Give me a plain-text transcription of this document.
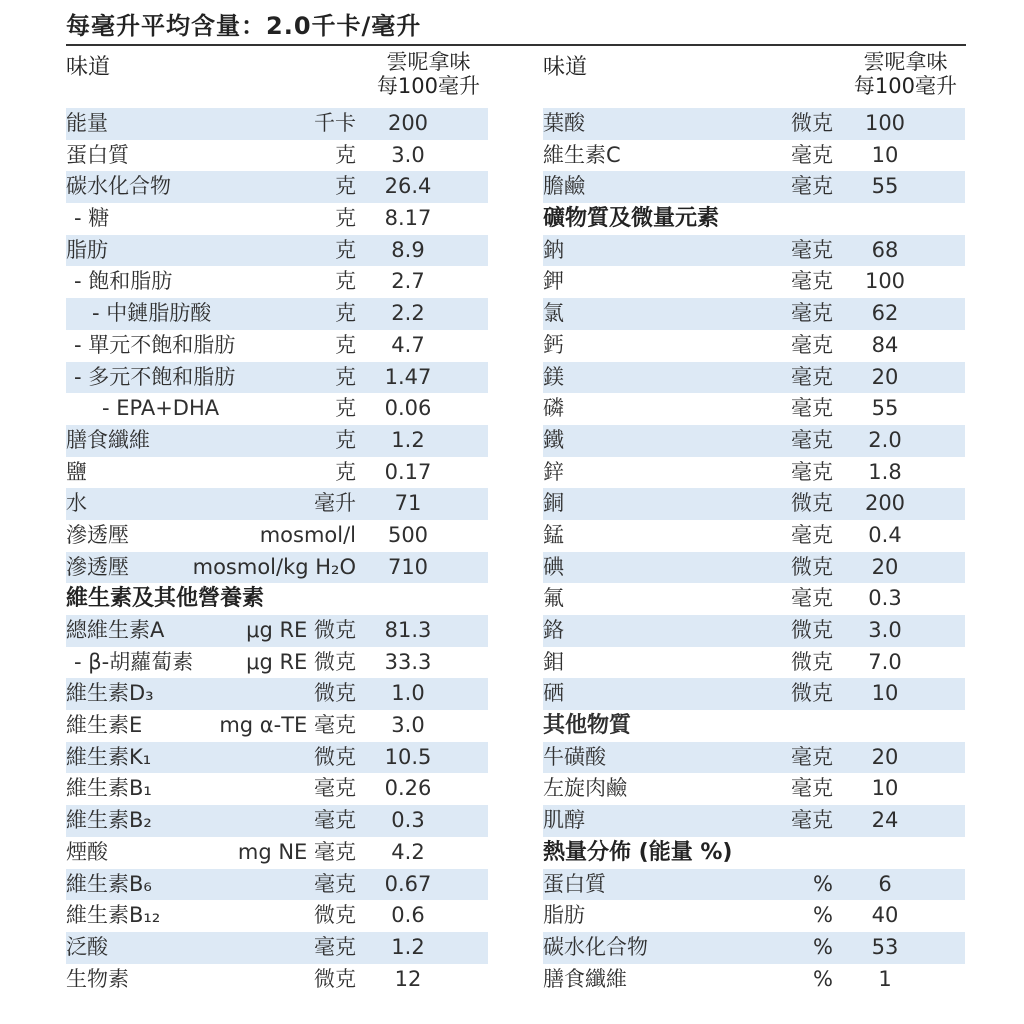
每毫升平均含量：2.0千卡/毫升
味道	雲呢拿味
每100毫升
能量	千卡	200
蛋白質	克	3.0
碳水化合物	克	26.4
- 糖	克	8.17
脂肪	克	8.9
- 飽和脂肪	克	2.7
- 中鏈脂肪酸	克	2.2
- 單元不飽和脂肪	克	4.7
- 多元不飽和脂肪	克	1.47
- EPA+DHA	克	0.06
膳食纖維	克	1.2
鹽	克	0.17
水	毫升	71
滲透壓	mosmol/l	500
滲透壓	mosmol/kg H₂O	710
維生素及其他營養素
總維生素A	μg RE 微克	81.3
- β-胡蘿蔔素	μg RE 微克	33.3
維生素D₃	微克	1.0
維生素E	mg α-TE 毫克	3.0
維生素K₁	微克	10.5
維生素B₁	毫克	0.26
維生素B₂	毫克	0.3
煙酸	mg NE 毫克	4.2
維生素B₆	毫克	0.67
維生素B₁₂	微克	0.6
泛酸	毫克	1.2
生物素	微克	12
味道	雲呢拿味
每100毫升
葉酸	微克	100
維生素C	毫克	10
膽鹼	毫克	55
礦物質及微量元素
鈉	毫克	68
鉀	毫克	100
氯	毫克	62
鈣	毫克	84
鎂	毫克	20
磷	毫克	55
鐵	毫克	2.0
鋅	毫克	1.8
銅	微克	200
錳	毫克	0.4
碘	微克	20
氟	毫克	0.3
鉻	微克	3.0
鉬	微克	7.0
硒	微克	10
其他物質
牛磺酸	毫克	20
左旋肉鹼	毫克	10
肌醇	毫克	24
熱量分佈 (能量 %)
蛋白質	%	6
脂肪	%	40
碳水化合物	%	53
膳食纖維	%	1
